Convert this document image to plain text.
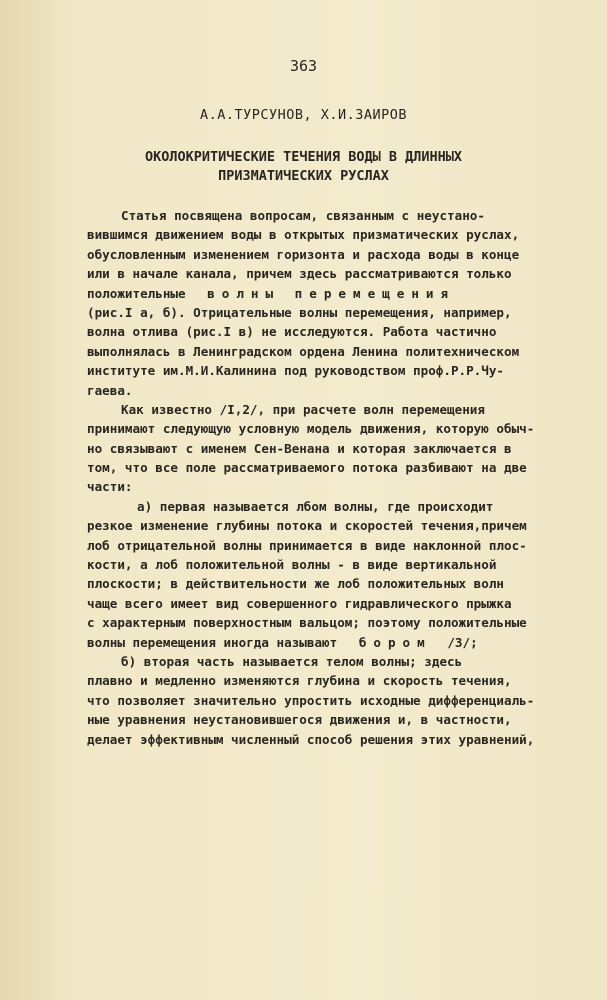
363
А.А.ТУРСУНОВ, Х.И.ЗАИРОВ
ОКОЛОКРИТИЧЕСКИЕ ТЕЧЕНИЯ ВОДЫ В ДЛИННЫХ
ПРИЗМАТИЧЕСКИХ РУСЛАХ
Статья посвящена вопросам, связанным с неустано-
вившимся движением воды в открытых призматических руслах,
обусловленным изменением горизонта и расхода воды в конце
или в начале канала, причем здесь рассматриваются только
положительные волны перемещения
(рис.I а, б). Отрицательные волны перемещения, например,
волна отлива (рис.I в) не исследуются. Работа частично
выполнялась в Ленинградском ордена Ленина политехническом
институте им.М.И.Калинина под руководством проф.Р.Р.Чу-
гаева.
Как известно /I,2/, при расчете волн перемещения
принимают следующую условную модель движения, которую обыч-
но связывают с именем Сен-Венана и которая заключается в
том, что все поле рассматриваемого потока разбивают на две
части:
а) первая называется лбом волны, где происходит
резкое изменение глубины потока и скоростей течения,причем
лоб отрицательной волны принимается в виде наклонной плос-
кости, а лоб положительной волны - в виде вертикальной
плоскости; в действительности же лоб положительных волн
чаще всего имеет вид совершенного гидравлического прыжка
с характерным поверхностным вальцом; поэтому положительные
волны перемещения иногда называют бором /3/;
б) вторая часть называется телом волны; здесь
плавно и медленно изменяются глубина и скорость течения,
что позволяет значительно упростить исходные дифференциаль-
ные уравнения неустановившегося движения и, в частности,
делает эффективным численный способ решения этих уравнений,
